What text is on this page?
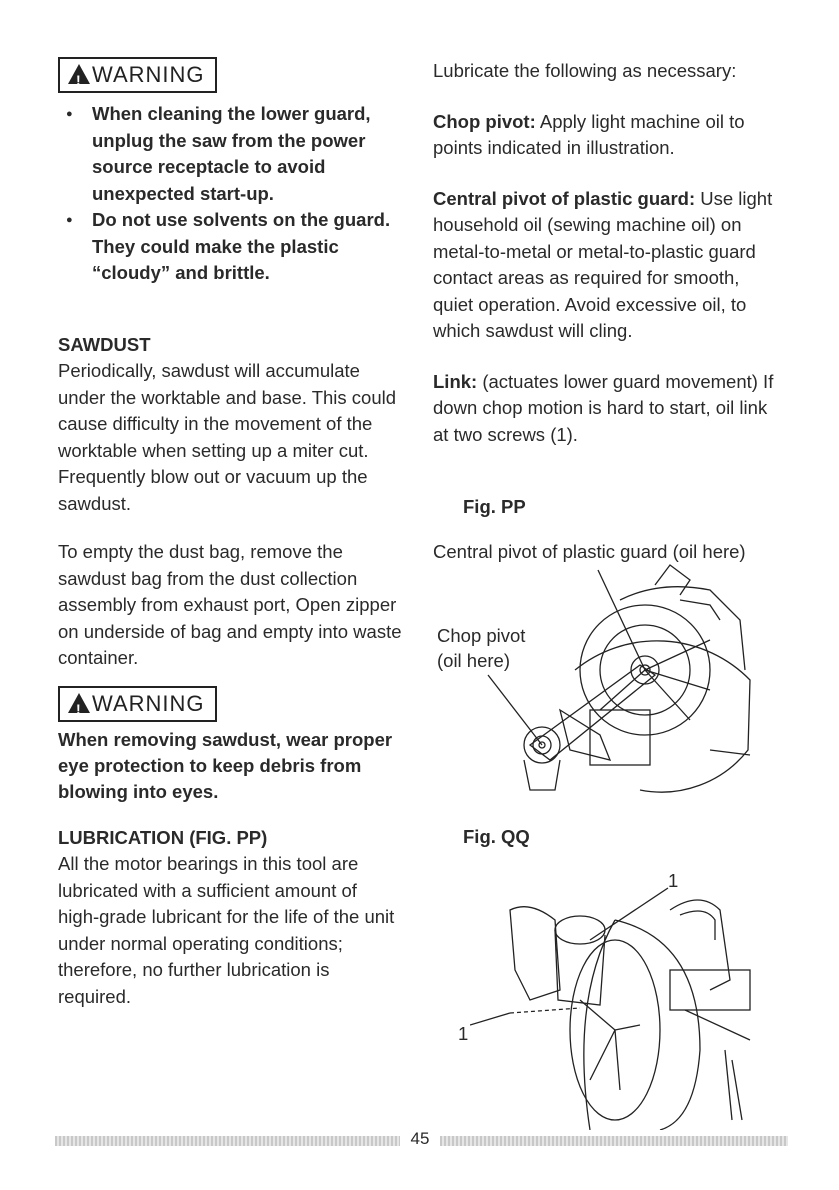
!WARNING
● When cleaning the lower guard, unplug the saw from the power source receptacle to avoid unexpected start-up.
● Do not use solvents on the guard. They could make the plastic “cloudy” and brittle.
SAWDUST
Periodically, sawdust will accumulate under the worktable and base. This could cause difficulty in the movement of the worktable when setting up a miter cut. Frequently blow out or vacuum up the sawdust.
To empty the dust bag, remove the sawdust bag from the dust collection assembly from exhaust port, Open zipper on underside of bag and empty into waste container.
!WARNING
When removing sawdust, wear proper eye protection to keep debris from blowing into eyes.
LUBRICATION (FIG. PP)
All the motor bearings in this tool are lubricated with a sufficient amount of high-grade lubricant for the life of the unit under normal operating conditions; therefore, no further lubrication is required.
Lubricate the following as necessary:
Chop pivot: Apply light machine oil to points indicated in illustration.
Central pivot of plastic guard: Use light household oil (sewing machine oil) on metal-to-metal or metal-to-plastic guard contact areas as required for smooth, quiet operation. Avoid excessive oil, to which sawdust will cling.
Link: (actuates lower guard movement) If down chop motion is hard to start, oil link at two screws (1).
Fig. PP
Central pivot of plastic guard (oil here)
Chop pivot
(oil here)
Fig. QQ
1
1
45
